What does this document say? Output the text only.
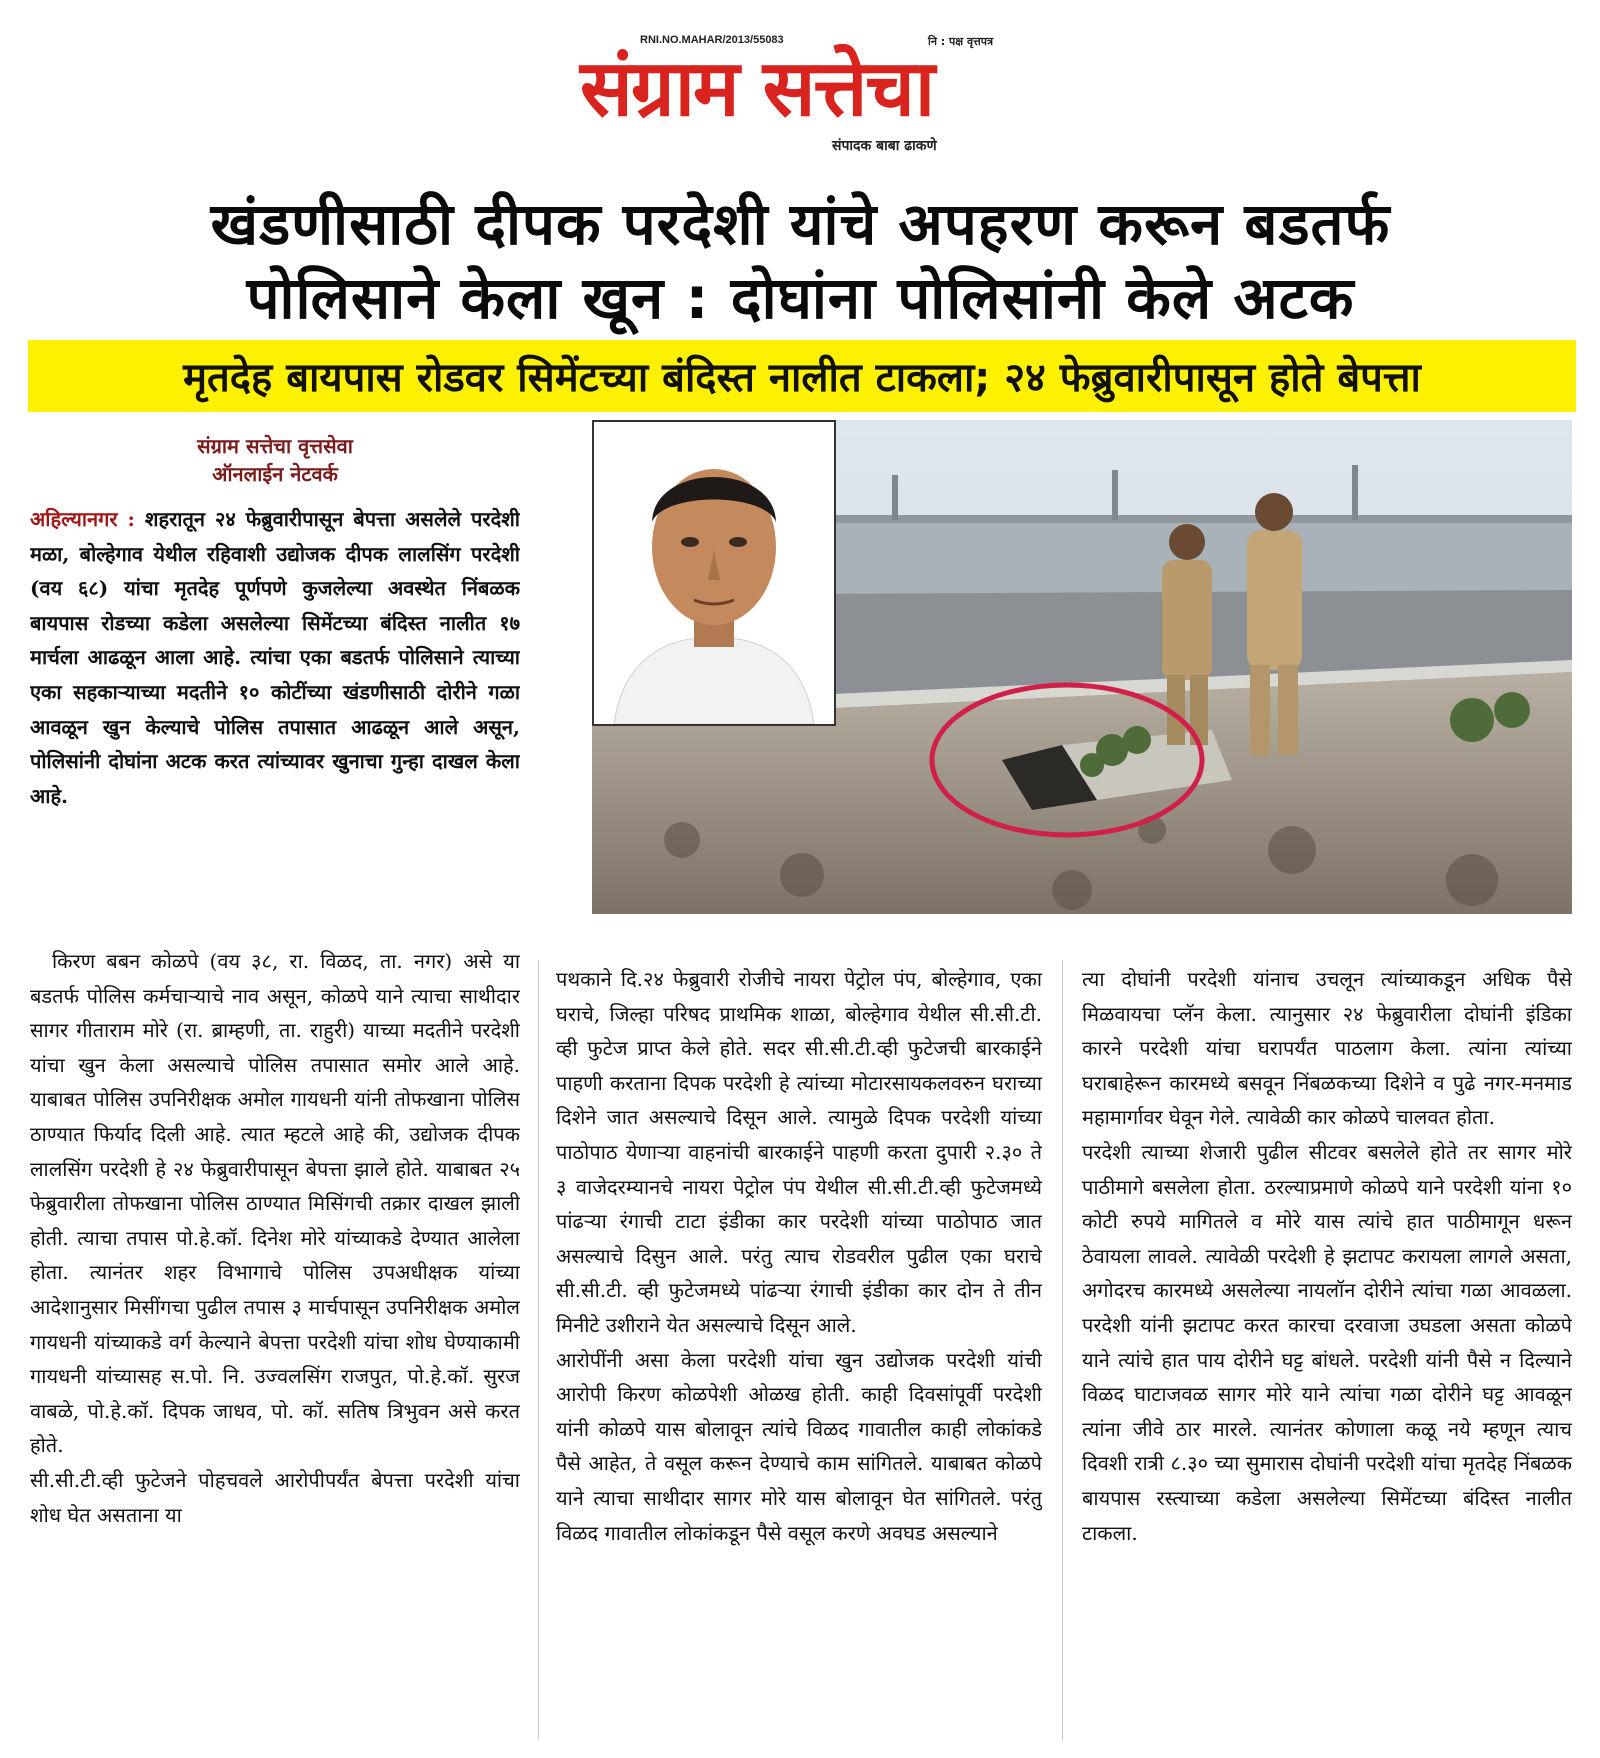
संग्राम सत्तेचा
RNI.NO.MAHAR/2013/55083	नि : पक्ष वृत्तपत्र
संपादक बाबा ढाकणे
खंडणीसाठी दीपक परदेशी यांचे अपहरण करून बडतर्फ
पोलिसाने केला खून : दोघांना पोलिसांनी केले अटक
मृतदेह बायपास रोडवर सिमेंटच्या बंदिस्त नालीत टाकला; २४ फेब्रुवारीपासून होते बेपत्ता
संग्राम सत्तेचा वृत्तसेवा
ऑनलाईन नेटवर्क

अहिल्यानगर : शहरातून २४ फेब्रुवारीपासून बेपत्ता असलेले परदेशी मळा, बोल्हेगाव येथील रहिवाशी उद्योजक दीपक लालसिंग परदेशी (वय ६८) यांचा मृतदेह पूर्णपणे कुजलेल्या अवस्थेत निंबळक बायपास रोडच्या कडेला असलेल्या सिमेंटच्या बंदिस्त नालीत १७ मार्चला आढळून आला आहे. त्यांचा एका बडतर्फ पोलिसाने त्याच्या एका सहकाऱ्याच्या मदतीने १० कोटींच्या खंडणीसाठी दोरीने गळा आवळून खुन केल्याचे पोलिस तपासात आढळून आले असून, पोलिसांनी दोघांना अटक करत त्यांच्यावर खुनाचा गुन्हा दाखल केला आहे.

किरण बबन कोळपे (वय ३८, रा. विळद, ता. नगर) असे या बडतर्फ पोलिस कर्मचाऱ्याचे नाव असून, कोळपे याने त्याचा साथीदार सागर गीताराम मोरे (रा. ब्राम्हणी, ता. राहुरी) याच्या मदतीने परदेशी यांचा खुन केला असल्याचे पोलिस तपासात समोर आले आहे. याबाबत पोलिस उपनिरीक्षक अमोल गायधनी यांनी तोफखाना पोलिस ठाण्यात फिर्याद दिली आहे. त्यात म्हटले आहे की, उद्योजक दीपक लालसिंग परदेशी हे २४ फेब्रुवारीपासून बेपत्ता झाले होते. याबाबत २५ फेब्रुवारीला तोफखाना पोलिस ठाण्यात मिसिंगची तक्रार दाखल झाली होती. त्याचा तपास पो.हे.कॉ. दिनेश मोरे यांच्याकडे देण्यात आलेला होता. त्यानंतर शहर विभागाचे पोलिस उपअधीक्षक यांच्या आदेशानुसार मिसींगचा पुढील तपास ३ मार्चपासून उपनिरीक्षक अमोल गायधनी यांच्याकडे वर्ग केल्याने बेपत्ता परदेशी यांचा शोध घेण्याकामी गायधनी यांच्यासह स.पो. नि. उज्वलसिंग राजपुत, पो.हे.कॉ. सुरज वाबळे, पो.हे.कॉ. दिपक जाधव, पो. कॉ. सतिष त्रिभुवन असे करत होते.

सी.सी.टी.व्ही फुटेजने पोहचवले आरोपीपर्यंत बेपत्ता परदेशी यांचा शोध घेत असताना या

पथकाने दि.२४ फेब्रुवारी रोजीचे नायरा पेट्रोल पंप, बोल्हेगाव, एका घराचे, जिल्हा परिषद प्राथमिक शाळा, बोल्हेगाव येथील सी.सी.टी. व्ही फुटेज प्राप्त केले होते. सदर सी.सी.टी.व्ही फुटेजची बारकाईने पाहणी करताना दिपक परदेशी हे त्यांच्या मोटारसायकलवरुन घराच्या दिशेने जात असल्याचे दिसून आले. त्यामुळे दिपक परदेशी यांच्या पाठोपाठ येणाऱ्या वाहनांची बारकाईने पाहणी करता दुपारी २.३० ते ३ वाजेदरम्यानचे नायरा पेट्रोल पंप येथील सी.सी.टी.व्ही फुटेजमध्ये पांढऱ्या रंगाची टाटा इंडीका कार परदेशी यांच्या पाठोपाठ जात असल्याचे दिसुन आले. परंतु त्याच रोडवरील पुढील एका घराचे सी.सी.टी. व्ही फुटेजमध्ये पांढऱ्या रंगाची इंडीका कार दोन ते तीन मिनीटे उशीराने येत असल्याचे दिसून आले.

आरोपींनी असा केला परदेशी यांचा खुन उद्योजक परदेशी यांची आरोपी किरण कोळपेशी ओळख होती. काही दिवसांपूर्वी परदेशी यांनी कोळपे यास बोलावून त्यांचे विळद गावातील काही लोकांकडे पैसे आहेत, ते वसूल करून देण्याचे काम सांगितले. याबाबत कोळपे याने त्याचा साथीदार सागर मोरे यास बोलावून घेत सांगितले. परंतु विळद गावातील लोकांकडून पैसे वसूल करणे अवघड असल्याने

त्या दोघांनी परदेशी यांनाच उचलून त्यांच्याकडून अधिक पैसे मिळवायचा प्लॅन केला. त्यानुसार २४ फेब्रुवारीला दोघांनी इंडिका कारने परदेशी यांचा घरापर्यंत पाठलाग केला. त्यांना त्यांच्या घराबाहेरून कारमध्ये बसवून निंबळकच्या दिशेने व पुढे नगर-मनमाड महामार्गावर घेवून गेले. त्यावेळी कार कोळपे चालवत होता.

परदेशी त्याच्या शेजारी पुढील सीटवर बसलेले होते तर सागर मोरे पाठीमागे बसलेला होता. ठरल्याप्रमाणे कोळपे याने परदेशी यांना १० कोटी रुपये मागितले व मोरे यास त्यांचे हात पाठीमागून धरून ठेवायला लावले. त्यावेळी परदेशी हे झटापट करायला लागले असता, अगोदरच कारमध्ये असलेल्या नायलॉन दोरीने त्यांचा गळा आवळला. परदेशी यांनी झटापट करत कारचा दरवाजा उघडला असता कोळपे याने त्यांचे हात पाय दोरीने घट्ट बांधले. परदेशी यांनी पैसे न दिल्याने विळद घाटाजवळ सागर मोरे याने त्यांचा गळा दोरीने घट्ट आवळून त्यांना जीवे ठार मारले. त्यानंतर कोणाला कळू नये म्हणून त्याच दिवशी रात्री ८.३० च्या सुमारास दोघांनी परदेशी यांचा मृतदेह निंबळक बायपास रस्त्याच्या कडेला असलेल्या सिमेंटच्या बंदिस्त नालीत टाकला.
